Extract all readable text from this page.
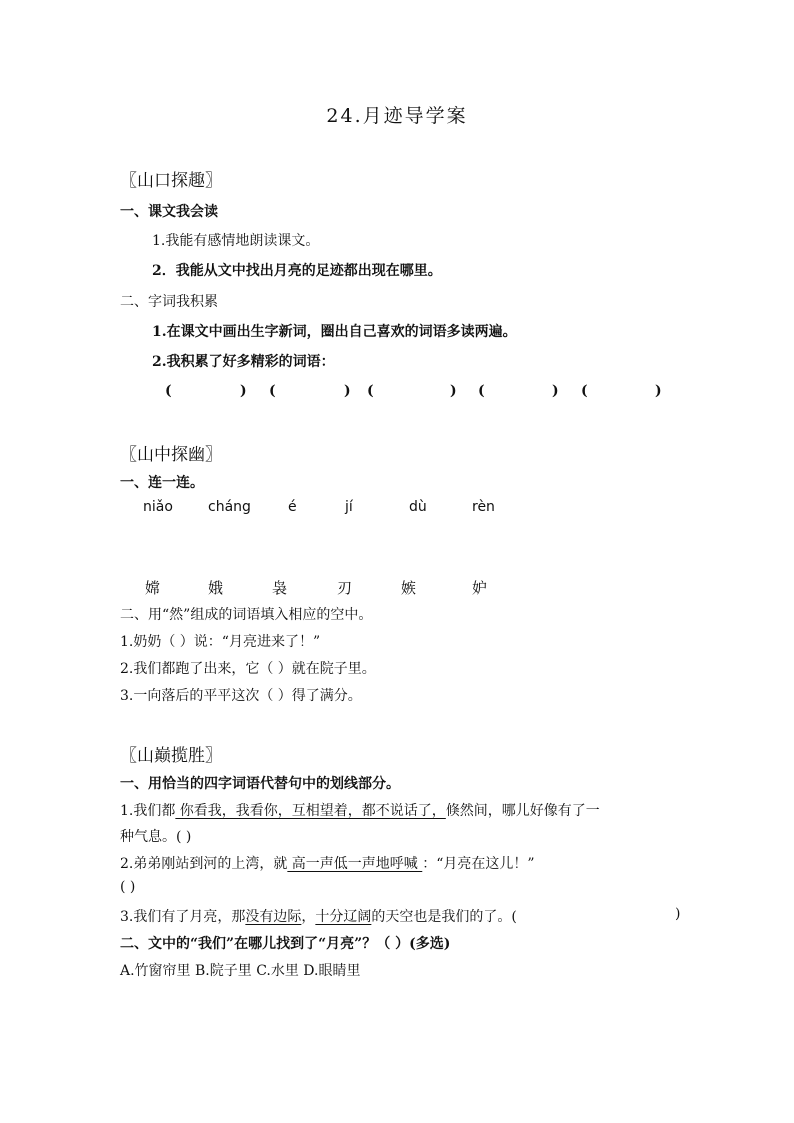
24.月迹导学案
〖山口探趣〗
一、课文我会读
1.我能有感情地朗读课文。
2．我能从文中找出月亮的足迹都出现在哪里。
二、字词我积累
1.在课文中画出生字新词，圈出自己喜欢的词语多读两遍。
2.我积累了好多精彩的词语：
(	) (	) (	) (	) (	)
〖山中探幽〗
一、连一连。
niǎo	cháng	é	jí	dù	rèn
嫦	娥	袅	刃	嫉	妒
二、用“然”组成的词语填入相应的空中。
1.奶奶（ ）说：“月亮进来了！”
2.我们都跑了出来，它（ ）就在院子里。
3.一向落后的平平这次（ ）得了满分。
〖山巅揽胜〗
一、用恰当的四字词语代替句中的划线部分。
1.我们都 你看我，我看你，互相望着，都不说话了，倏然间，哪儿好像有了一
种气息。( )
2.弟弟刚站到河的上湾，就 高一声低一声地呼喊 ：“月亮在这儿！”
( )
3.我们有了月亮，那没有边际，十分辽阔的天空也是我们的了。(	)
二、文中的“我们”在哪儿找到了“月亮”？（ ）(多选)
A.竹窗帘里 B.院子里 C.水里 D.眼睛里
